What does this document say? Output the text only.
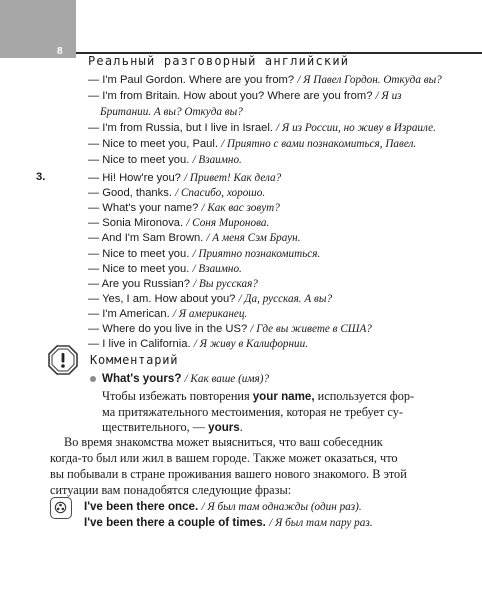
8
Реальный разговорный английский
— I'm Paul Gordon. Where are you from? / Я Павел Гордон. Откуда вы?
— I'm from Britain. How about you? Where are you from? / Я из
Британии. А вы? Откуда вы?
— I'm from Russia, but I live in Israel. / Я из России, но живу в Израиле.
— Nice to meet you, Paul. / Приятно с вами познакомиться, Павел.
— Nice to meet you. / Взаимно.
3.	— Hi! How're you? / Привет! Как дела?
— Good, thanks. / Спасибо, хорошо.
— What's your name? / Как вас зовут?
— Sonia Mironova. / Соня Миронова.
— And I'm Sam Brown. / А меня Сэм Браун.
— Nice to meet you. / Приятно познакомиться.
— Nice to meet you. / Взаимно.
— Are you Russian? / Вы русская?
— Yes, I am. How about you? / Да, русская. А вы?
— I'm American. / Я американец.
— Where do you live in the US? / Где вы живете в США?
— I live in California. / Я живу в Калифорнии.
Комментарий
What's yours? / Как ваше (имя)?
Чтобы избежать повторения your name, используется фор-
ма притяжательного местоимения, которая не требует су-
ществительного, — yours.
Во время знакомства может выясниться, что ваш собеседник
когда-то был или жил в вашем городе. Также может оказаться, что
вы побывали в стране проживания вашего нового знакомого. В этой
ситуации вам понадобятся следующие фразы:
I've been there once. / Я был там однажды (один раз).
I've been there a couple of times. / Я был там пару раз.
